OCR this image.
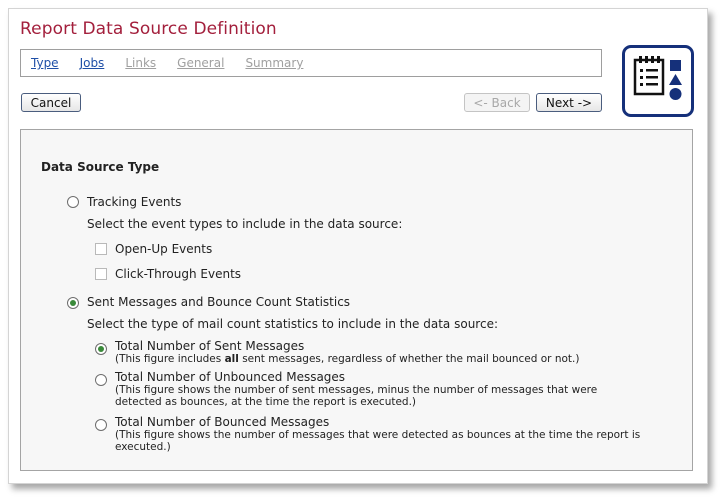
Report Data Source Definition
Type Jobs Links General Summary
Cancel	<- Back	Next ->
Data Source Type
Tracking Events
Select the event types to include in the data source:
Open-Up Events
Click-Through Events
Sent Messages and Bounce Count Statistics
Select the type of mail count statistics to include in the data source:
Total Number of Sent Messages
(This figure includes all sent messages, regardless of whether the mail bounced or not.)
Total Number of Unbounced Messages
(This figure shows the number of sent messages, minus the number of messages that were
detected as bounces, at the time the report is executed.)
Total Number of Bounced Messages
(This figure shows the number of messages that were detected as bounces at the time the report is
executed.)
